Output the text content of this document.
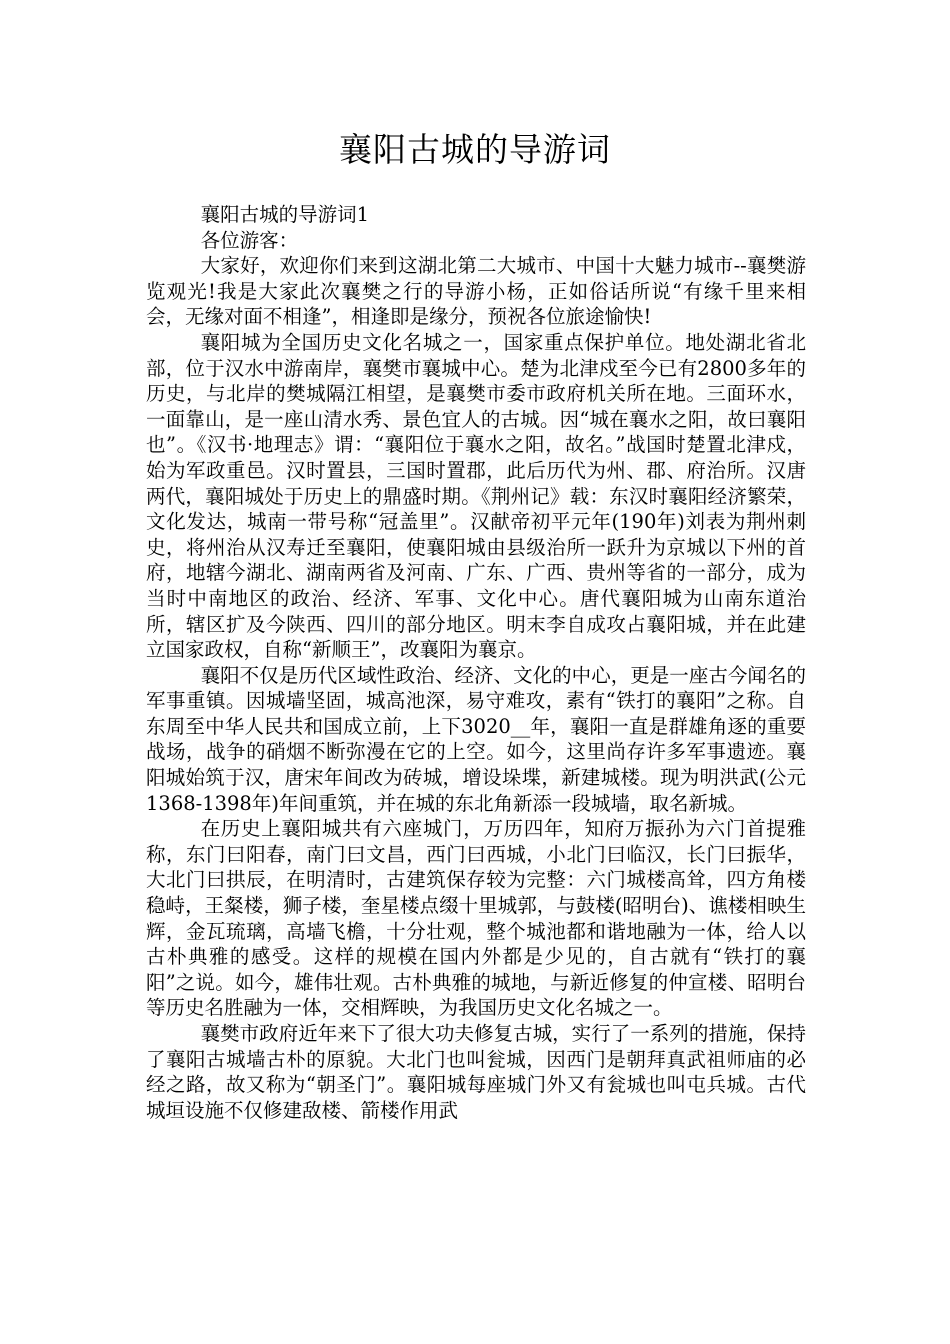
襄阳古城的导游词

襄阳古城的导游词1

各位游客：

大家好，欢迎你们来到这湖北第二大城市、中国十大魅力城市--襄樊游览观光!我是大家此次襄樊之行的导游小杨，正如俗话所说“有缘千里来相会，无缘对面不相逢”，相逢即是缘分，预祝各位旅途愉快!

襄阳城为全国历史文化名城之一，国家重点保护单位。地处湖北省北部，位于汉水中游南岸，襄樊市襄城中心。楚为北津戍至今已有2800多年的历史，与北岸的樊城隔江相望，是襄樊市委市政府机关所在地。三面环水，一面靠山，是一座山清水秀、景色宜人的古城。因“城在襄水之阳，故曰襄阳也”。《汉书·地理志》谓：“襄阳位于襄水之阳，故名。”战国时楚置北津戍，始为军政重邑。汉时置县，三国时置郡，此后历代为州、郡、府治所。汉唐两代，襄阳城处于历史上的鼎盛时期。《荆州记》载：东汉时襄阳经济繁荣，文化发达，城南一带号称“冠盖里”。汉献帝初平元年(190年)刘表为荆州刺史，将州治从汉寿迁至襄阳，使襄阳城由县级治所一跃升为京城以下州的首府，地辖今湖北、湖南两省及河南、广东、广西、贵州等省的一部分，成为当时中南地区的政治、经济、军事、文化中心。唐代襄阳城为山南东道治所，辖区扩及今陕西、四川的部分地区。明末李自成攻占襄阳城，并在此建立国家政权，自称“新顺王”，改襄阳为襄京。

襄阳不仅是历代区域性政治、经济、文化的中心，更是一座古今闻名的军事重镇。因城墙坚固，城高池深，易守难攻，素有“铁打的襄阳”之称。自东周至中华人民共和国成立前，上下3020__年，襄阳一直是群雄角逐的重要战场，战争的硝烟不断弥漫在它的上空。如今，这里尚存许多军事遗迹。襄阳城始筑于汉，唐宋年间改为砖城，增设垛堞，新建城楼。现为明洪武(公元1368-1398年)年间重筑，并在城的东北角新添一段城墙，取名新城。

在历史上襄阳城共有六座城门，万历四年，知府万振孙为六门首提雅称，东门曰阳春，南门曰文昌，西门曰西城，小北门曰临汉，长门曰振华，大北门曰拱辰，在明清时，古建筑保存较为完整：六门城楼高耸，四方角楼稳峙，王粲楼，狮子楼，奎星楼点缀十里城郭，与鼓楼(昭明台)、谯楼相映生辉，金瓦琉璃，高墙飞檐，十分壮观，整个城池都和谐地融为一体，给人以古朴典雅的感受。这样的规模在国内外都是少见的，自古就有“铁打的襄阳”之说。如今，雄伟壮观。古朴典雅的城地，与新近修复的仲宣楼、昭明台等历史名胜融为一体，交相辉映，为我国历史文化名城之一。

襄樊市政府近年来下了很大功夫修复古城，实行了一系列的措施，保持了襄阳古城墙古朴的原貌。大北门也叫瓮城，因西门是朝拜真武祖师庙的必经之路，故又称为“朝圣门”。襄阳城每座城门外又有瓮城也叫屯兵城。古代城垣设施不仅修建敌楼、箭楼作用武
